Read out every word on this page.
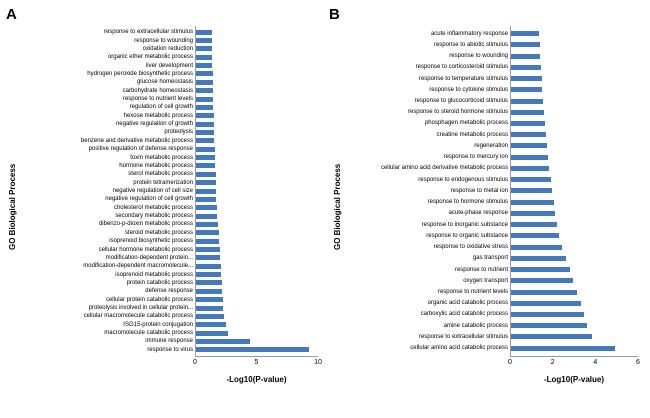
A
GO Biological Process
response to extracellular stimulus
response to wounding
oxidation reduction
organic ether metabolic process
liver development
hydrogen peroxide biosynthetic process
glucose homeostasis
carbohydrate homeostasis
response to nutrient levels
regulation of cell growth
hexose metabolic process
negative regulation of growth
proteolysis
benzene and derivative metabolic process
positive regulation of defense response
toxin metabolic process
hormone metabolic process
sterol metabolic process
protein tetramerization
negative regulation of cell size
negative regulation of cell growth
cholesterol metabolic process
secondary metabolic process
dibenzo-p-dioxin metabolic process
steroid metabolic process
isoprenoid biosynthetic process
cellular hormone metabolic process
modification-dependent protein...
modification-dependent macromolecule...
isoprenoid metabolic process
protein catabolic process
defense response
cellular protein catabolic process
proteolysis involved in cellular protein...
cellular macromolecule catabolic process
ISG15-protein conjugation
macromolecule catabolic process
immune response
response to virus
0	5	10
-Log10(P-value)
B
GO Biological Process
acute inflammatory response
response to abiotic stimulus
response to wounding
response to corticosteroid stimulus
response to temperature stimulus
response to cytokine stimulus
response to glucocorticoid stimulus
response to steroid hormone stimulus
phosphagen metabolic process
creatine metabolic process
regeneration
response to mercury ion
cellular amino acid derivative metabolic process
response to endogenous stimulus
response to metal ion
response to hormone stimulus
acute-phase response
response to inorganic substance
response to organic substance
response to oxidative stress
gas transport
response to nutrient
oxygen transport
response to nutrient levels
organic acid catabolic process
carboxylic acid catabolic process
amine catabolic process
response to extracellular stimulus
cellular amino acid catabolic process
0	2	4	6
-Log10(P-value)
